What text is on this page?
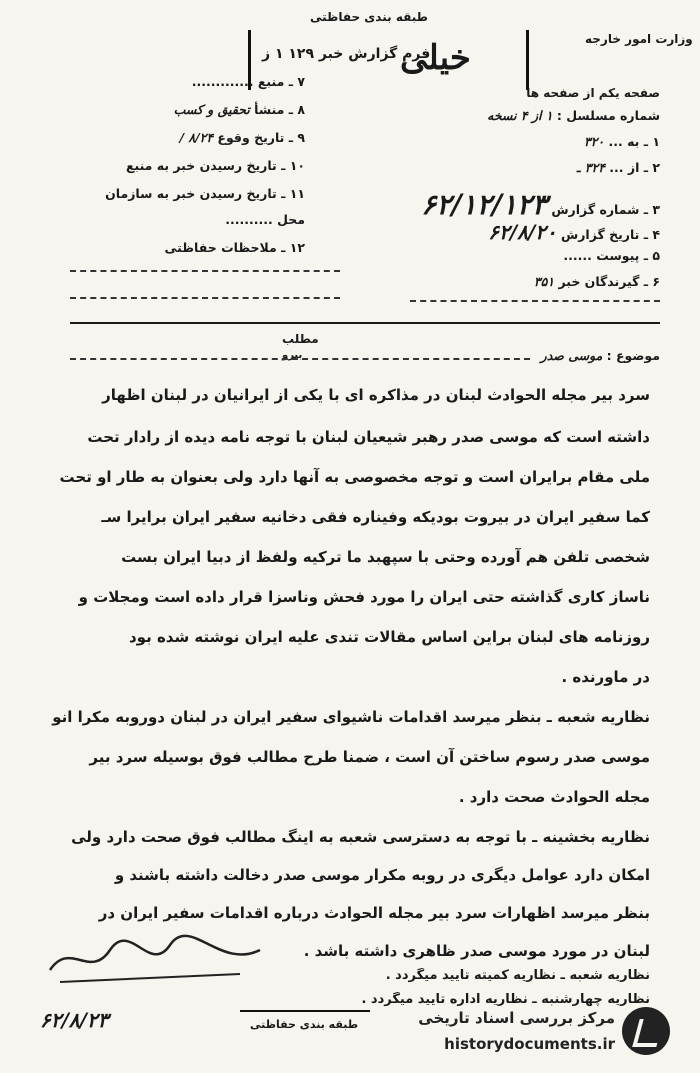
طبقه بندی حفاظتی
وزارت امور خارجه
خیلی
فرم گزارش خبر ۱۲۹ ۱ ز
صفحه یکم از صفحه ها
شماره مسلسل : ۱ از ۴ نسخه
۱ ـ به ... ۳۲۰
۲ ـ از ... ۳۲۴ ـ
۳ ـ شماره گزارش ۶۲/۱۲/۱۲۳
۴ ـ تاریخ گزارش ۶۲/۸/۲۰
۵ ـ پیوست ......
۶ ـ گیرندگان خبر ۳۵۱
۷ ـ منبع .............
۸ ـ منشأ تحقیق و کسب
۹ ـ تاریخ وقوع ۸/۲۴ /
۱۰ ـ تاریخ رسیدن خبر به منبع
۱۱ ـ تاریخ رسیدن خبر به سازمان
محل ..........
۱۲ ـ ملاحظات حفاظتی
مطلب
بیرو	موضوع : موسی صدر
سرد بیر مجله الحوادث لبنان در مذاکره ای با یکی از ایرانیان در لبنان اظهار
داشته است که موسی صدر رهبر شیعیان لبنان با توجه نامه دیده از رادار تحت
ملی مقام برایران است و توجه مخصوصی به آنها دارد ولی بعنوان به طار او تحت
کما سفیر ایران در بیروت بودیکه وفیناره فقی دخانیه سفیر ایران برایرا سـ
شخصی تلفن هم آورده وحتی با سپهبد ما ترکیه ولفظ از دبیا ایران بست
ناساز کاری گذاشته حتی ایران را مورد فحش وناسزا قرار داده است ومجلات و
روزنامه های لبنان براین اساس مقالات تندی علیه ایران نوشته شده بود
در ماورنده .
نظاریه شعبه ـ بنظر میرسد اقدامات ناشیوای سفیر ایران در لبنان دوروبه مکرا انو
موسی صدر رسوم ساختن آن است ، ضمنا طرح مطالب فوق بوسیله سرد بیر
مجله الحوادث صحت دارد .
نظاریه بخشینه ـ با توجه به دسترسی شعبه به اینگ مطالب فوق صحت دارد ولی
امکان دارد عوامل دیگری در روبه مکرار موسی صدر دخالت داشته باشند و
بنظر میرسد اظهارات سرد بیر مجله الحوادث درباره اقدامات سفیر ایران در
لبنان در مورد موسی صدر ظاهری داشته باشد .
نظاریه شعبه ـ نظاریه کمیته تایید میگردد .
نظاریه چهارشنبه ـ نظاریه اداره تایید میگردد .
طبقه بندی حفاظتی
۶۲/۸/۲۳	مرکز بررسی اسناد تاریخی
historydocuments.ir
